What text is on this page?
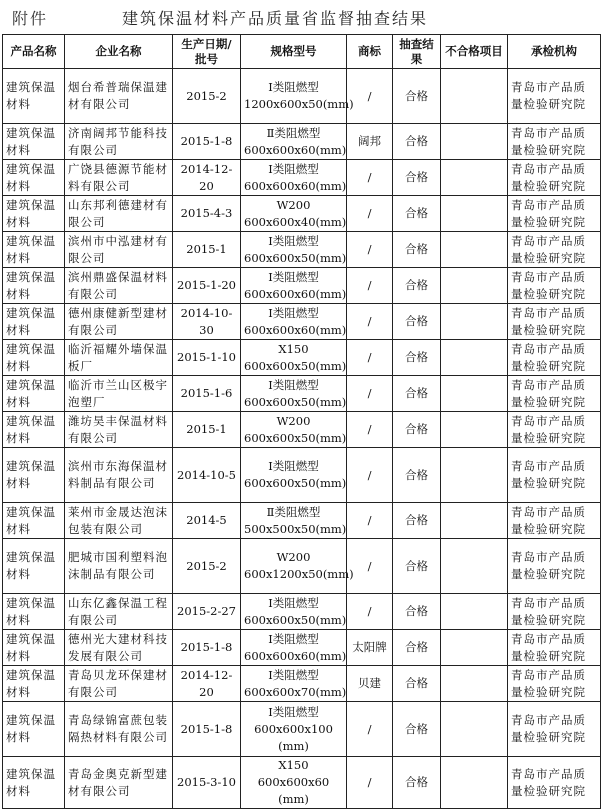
附件	建筑保温材料产品质量省监督抽查结果
产品名称	企业名称	生产日期/批号	规格型号	商标	抽查结果	不合格项目	承检机构
建筑保温材料	烟台希普瑞保温建材有限公司	2015-2	Ⅰ类阻燃型 1200x600x50(mm)	/	合格		青岛市产品质量检验研究院
建筑保温材料	济南阔邦节能科技有限公司	2015-1-8	Ⅱ类阻燃型 600x600x60(mm)	阔邦	合格		青岛市产品质量检验研究院
建筑保温材料	广饶县德源节能材料有限公司	2014-12-20	Ⅰ类阻燃型 600x600x60(mm)	/	合格		青岛市产品质量检验研究院
建筑保温材料	山东邦利德建材有限公司	2015-4-3	W200 600x600x40(mm)	/	合格		青岛市产品质量检验研究院
建筑保温材料	滨州市中泓建材有限公司	2015-1	Ⅰ类阻燃型 600x600x50(mm)	/	合格		青岛市产品质量检验研究院
建筑保温材料	滨州鼎盛保温材料有限公司	2015-1-20	Ⅰ类阻燃型 600x600x60(mm)	/	合格		青岛市产品质量检验研究院
建筑保温材料	德州康健新型建材有限公司	2014-10-30	Ⅰ类阻燃型 600x600x60(mm)	/	合格		青岛市产品质量检验研究院
建筑保温材料	临沂福耀外墙保温板厂	2015-1-10	X150 600x600x50(mm)	/	合格		青岛市产品质量检验研究院
建筑保温材料	临沂市兰山区极宇泡塑厂	2015-1-6	Ⅰ类阻燃型 600x600x50(mm)	/	合格		青岛市产品质量检验研究院
建筑保温材料	潍坊昊丰保温材料有限公司	2015-1	W200 600x600x50(mm)	/	合格		青岛市产品质量检验研究院
建筑保温材料	滨州市东海保温材料制品有限公司	2014-10-5	Ⅰ类阻燃型 600x600x50(mm)	/	合格		青岛市产品质量检验研究院
建筑保温材料	莱州市金晟达泡沫包装有限公司	2014-5	Ⅱ类阻燃型 500x500x50(mm)	/	合格		青岛市产品质量检验研究院
建筑保温材料	肥城市国利塑料泡沫制品有限公司	2015-2	W200 600x1200x50(mm)	/	合格		青岛市产品质量检验研究院
建筑保温材料	山东亿鑫保温工程有限公司	2015-2-27	Ⅰ类阻燃型 600x600x50(mm)	/	合格		青岛市产品质量检验研究院
建筑保温材料	德州光大建材科技发展有限公司	2015-1-8	Ⅰ类阻燃型 600x600x60(mm)	太阳牌	合格		青岛市产品质量检验研究院
建筑保温材料	青岛贝龙环保建材有限公司	2014-12-20	Ⅰ类阻燃型 600x600x70(mm)	贝建	合格		青岛市产品质量检验研究院
建筑保温材料	青岛绿锦富蔗包装隔热材料有限公司	2015-1-8	Ⅰ类阻燃型 600x600x100 (mm)	/	合格		青岛市产品质量检验研究院
建筑保温材料	青岛金奥克新型建材有限公司	2015-3-10	X150 600x600x60 (mm)	/	合格		青岛市产品质量检验研究院
